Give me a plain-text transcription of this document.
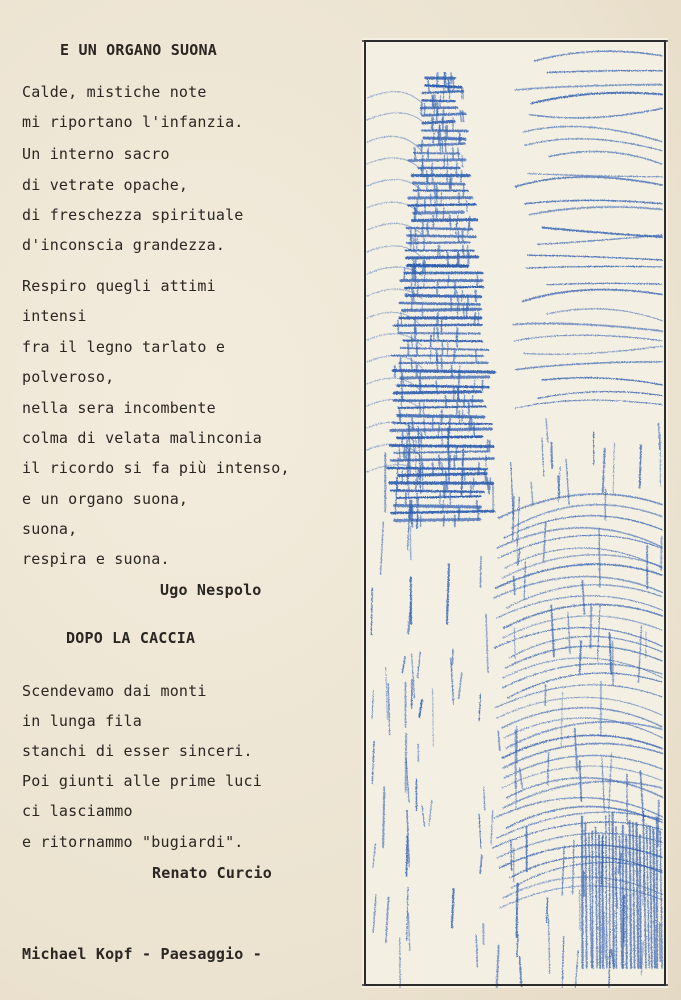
E UN ORGANO SUONA
Calde, mistiche note
mi riportano l'infanzia.
Un interno sacro
di vetrate opache,
di freschezza spirituale
d'inconscia grandezza.
Respiro quegli attimi
intensi
fra il legno tarlato e
polveroso,
nella sera incombente
colma di velata malinconia
il ricordo si fa più intenso,
e un organo suona,
suona,
respira e suona.
Ugo Nespolo
DOPO LA CACCIA
Scendevamo dai monti
in lunga fila
stanchi di esser sinceri.
Poi giunti alle prime luci
ci lasciammo
e ritornammo "bugiardi".
Renato Curcio
Michael Kopf - Paesaggio -
